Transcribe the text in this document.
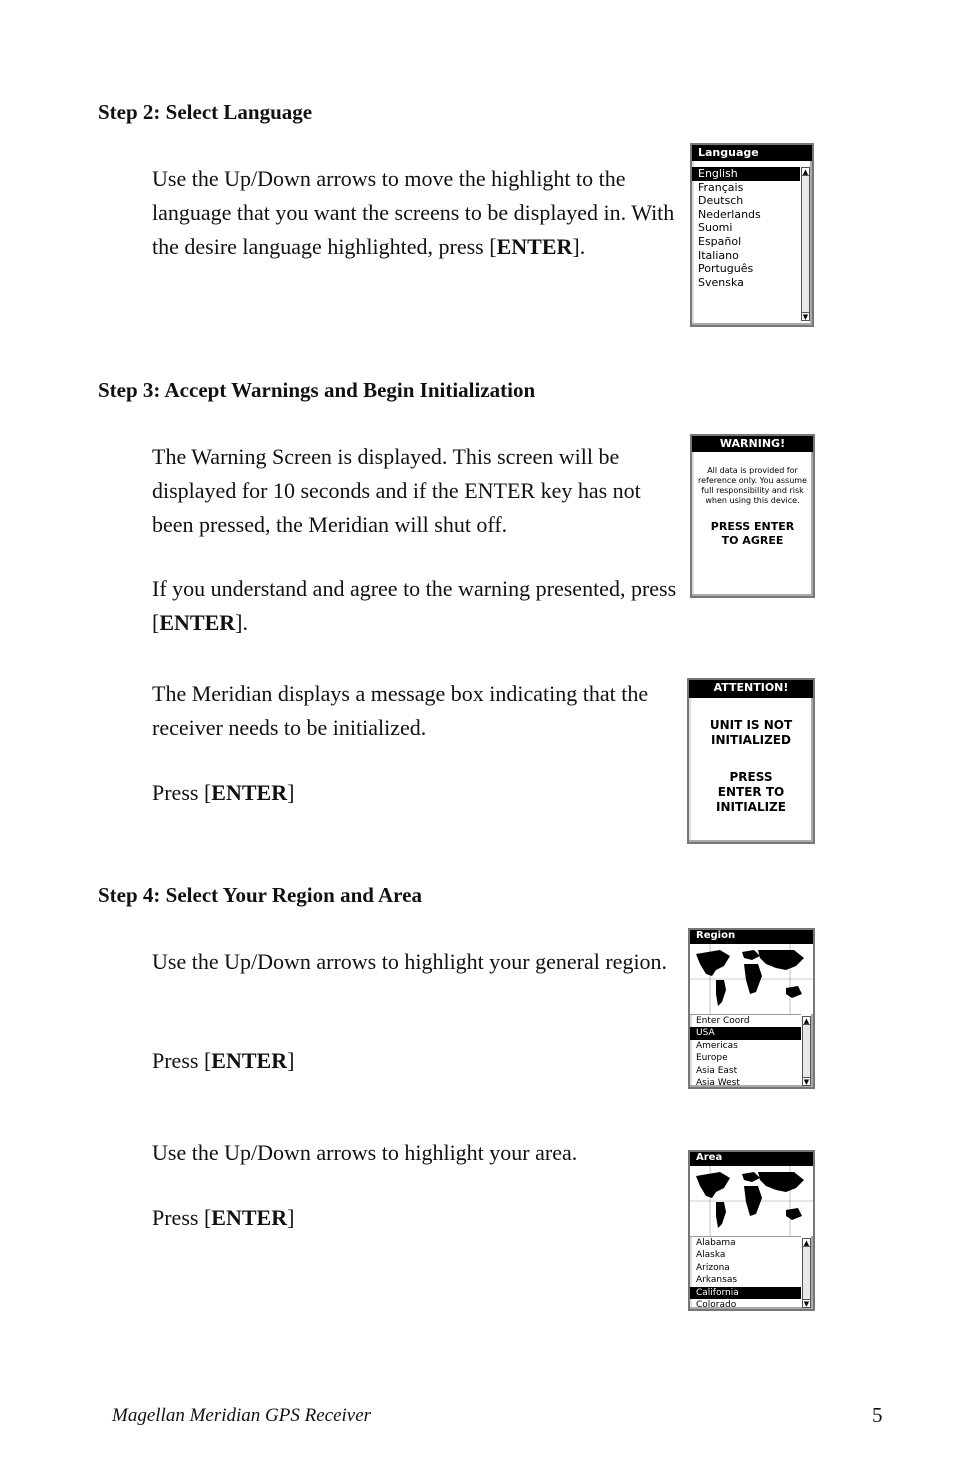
Step 2: Select Language

Use the Up/Down arrows to move the highlight to the language that you want the screens to be displayed in. With the desire language highlighted, press [ENTER].

Language
English
Français
Deutsch
Nederlands
Suomi
Español
Italiano
Português
Svenska
▲
▼
Step 3: Accept Warnings and Begin Initialization

The Warning Screen is displayed. This screen will be displayed for 10 seconds and if the ENTER key has not been pressed, the Meridian will shut off.

If you understand and agree to the warning presented, press [ENTER].

WARNING!
All data is provided for reference only. You assume full responsibility and risk when using this device.
PRESS ENTER TO AGREE

The Meridian displays a message box indicating that the receiver needs to be initialized.

Press [ENTER]

ATTENTION!
UNIT IS NOT INITIALIZED
PRESS ENTER TO INITIALIZE
Step 4: Select Your Region and Area

Use the Up/Down arrows to highlight your general region.

Press [ENTER]

Region
Enter Coord
USA
Americas
Europe
Asia East
Asia West
▲
▼

Use the Up/Down arrows to highlight your area.

Press [ENTER]

Area
Alabama
Alaska
Arizona
Arkansas
California
Colorado
▲
▼
Magellan Meridian GPS Receiver	5
